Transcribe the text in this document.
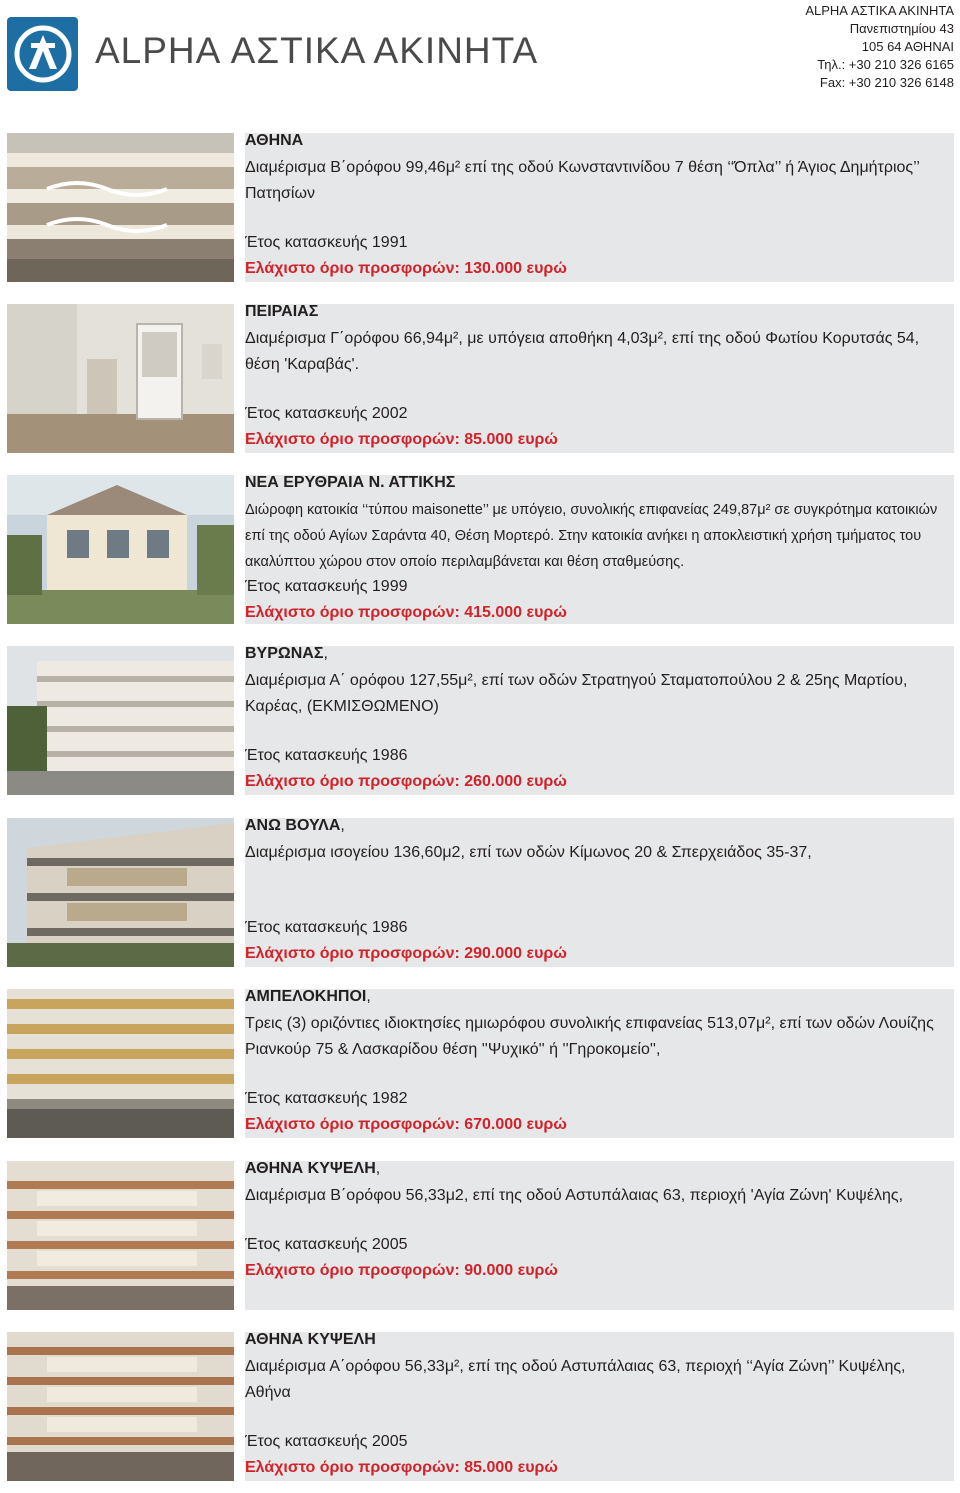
ALPHA ΑΣΤΙΚΑ ΑΚΙΝΗΤΑ
ALPHA ΑΣΤΙΚΑ ΑΚΙΝΗΤΑ
Πανεπιστημίου 43
105 64 ΑΘΗΝΑΙ
Τηλ.: +30 210 326 6165
Fax: +30 210 326 6148
ΑΘΗΝΑ
Διαμέρισμα Β΄ορόφου 99,46μ² επί της οδού Κωνσταντινίδου 7 θέση ‘‘Όπλα’’ ή Άγιος Δημήτριος’’ Πατησίων
Έτος κατασκευής 1991
Ελάχιστο όριο προσφορών: 130.000 ευρώ
ΠΕΙΡΑΙΑΣ
Διαμέρισμα Γ΄ορόφου 66,94μ², με υπόγεια αποθήκη 4,03μ², επί της οδού Φωτίου Κορυτσάς 54, θέση 'Καραβάς'.
Έτος κατασκευής 2002
Ελάχιστο όριο προσφορών: 85.000 ευρώ
ΝΕΑ ΕΡΥΘΡΑΙΑ Ν. ΑΤΤΙΚΗΣ
Διώροφη κατοικία ‘‘τύπου maisonette’’ με υπόγειο, συνολικής επιφανείας 249,87μ² σε συγκρότημα κατοικιών επί της οδού Αγίων Σαράντα 40, Θέση Μορτερό. Στην κατοικία ανήκει η αποκλειστική χρήση τμήματος του ακαλύπτου χώρου στον οποίο περιλαμβάνεται και θέση σταθμεύσης.
Έτος κατασκευής 1999
Ελάχιστο όριο προσφορών: 415.000 ευρώ
ΒΥΡΩΝΑΣ,
Διαμέρισμα Α΄ ορόφου 127,55μ², επί των οδών Στρατηγού Σταματοπούλου 2 & 25ης Μαρτίου, Καρέας, (ΕΚΜΙΣΘΩΜΕΝΟ)
Έτος κατασκευής 1986
Ελάχιστο όριο προσφορών: 260.000 ευρώ
ΑΝΩ ΒΟΥΛΑ,
Διαμέρισμα ισογείου 136,60μ2, επί των οδών Κίμωνος 20 & Σπερχειάδος 35-37,
Έτος κατασκευής 1986
Ελάχιστο όριο προσφορών: 290.000 ευρώ
ΑΜΠΕΛΟΚΗΠΟΙ,
Τρεις (3) οριζόντιες ιδιοκτησίες ημιωρόφου συνολικής επιφανείας 513,07μ², επί των οδών Λουίζης Ριανκούρ 75 & Λασκαρίδου θέση ''Ψυχικό'' ή ''Γηροκομείο'',
Έτος κατασκευής 1982
Ελάχιστο όριο προσφορών: 670.000 ευρώ
ΑΘΗΝΑ ΚΥΨΕΛΗ,
Διαμέρισμα Β΄ορόφου 56,33μ2, επί της οδού Αστυπάλαιας 63, περιοχή 'Αγία Ζώνη' Κυψέλης,
Έτος κατασκευής 2005
Ελάχιστο όριο προσφορών: 90.000 ευρώ
ΑΘΗΝΑ ΚΥΨΕΛΗ
Διαμέρισμα Α΄ορόφου 56,33μ², επί της οδού Αστυπάλαιας 63, περιοχή ‘‘Αγία Ζώνη’’ Κυψέλης, Αθήνα
Έτος κατασκευής 2005
Ελάχιστο όριο προσφορών: 85.000 ευρώ
